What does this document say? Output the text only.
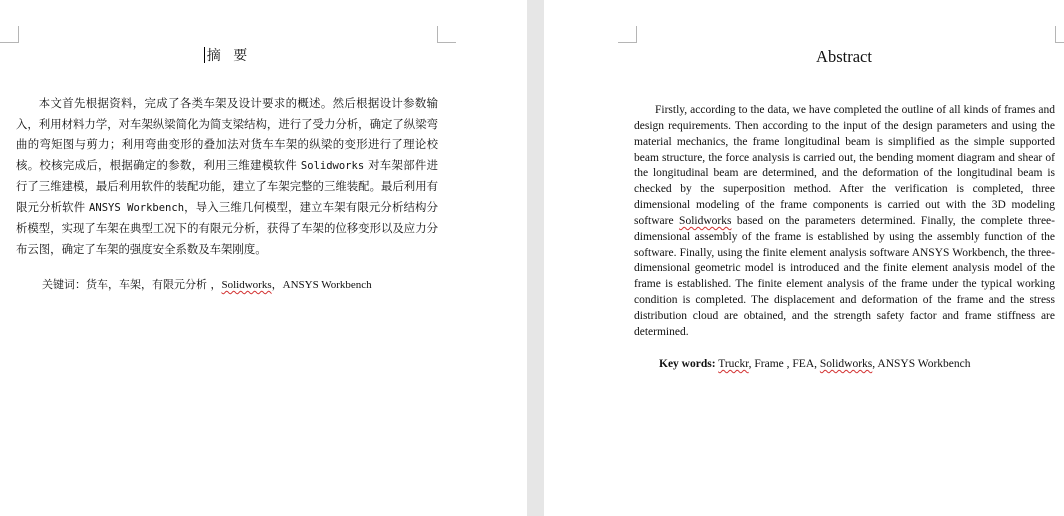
摘 要

本文首先根据资料，完成了各类车架及设计要求的概述。然后根据设计参数输入，利用材料力学，对车架纵梁简化为简支梁结构，进行了受力分析，确定了纵梁弯曲的弯矩图与剪力；利用弯曲变形的叠加法对货车车架的纵梁的变形进行了理论校核。校核完成后，根据确定的参数，利用三维建模软件 Solidworks 对车架部件进行了三维建模，最后利用软件的装配功能，建立了车架完整的三维装配。最后利用有限元分析软件 ANSYS Workbench，导入三维几何模型，建立车架有限元分析结构分析模型，实现了车架在典型工况下的有限元分析，获得了车架的位移变形以及应力分布云图，确定了车架的强度安全系数及车架刚度。

关键词：货车，车架，有限元分析 ，Solidworks，ANSYS Workbench

Firstly, according to the data, we have completed the outline of all kinds of frames and design requirements. Then according to the input of the design parameters and using the material mechanics, the frame longitudinal beam is simplified as the simple supported beam structure, the force analysis is carried out, the bending moment diagram and shear of the longitudinal beam are determined, and the deformation of the longitudinal beam is checked by the superposition method. After the verification is completed, three dimensional modeling of the frame components is carried out with the 3D modeling software Solidworks based on the parameters determined. Finally, the complete three-dimensional assembly of the frame is established by using the assembly function of the software. Finally, using the finite element analysis software ANSYS Workbench, the three-dimensional geometric model is introduced and the finite element analysis model of the frame is established. The finite element analysis of the frame under the typical working condition is completed. The displacement and deformation of the frame and the stress distribution cloud are obtained, and the strength safety factor and frame stiffness are determined.

Key words: Truckr, Frame , FEA, Solidworks, ANSYS Workbench
Abstract
